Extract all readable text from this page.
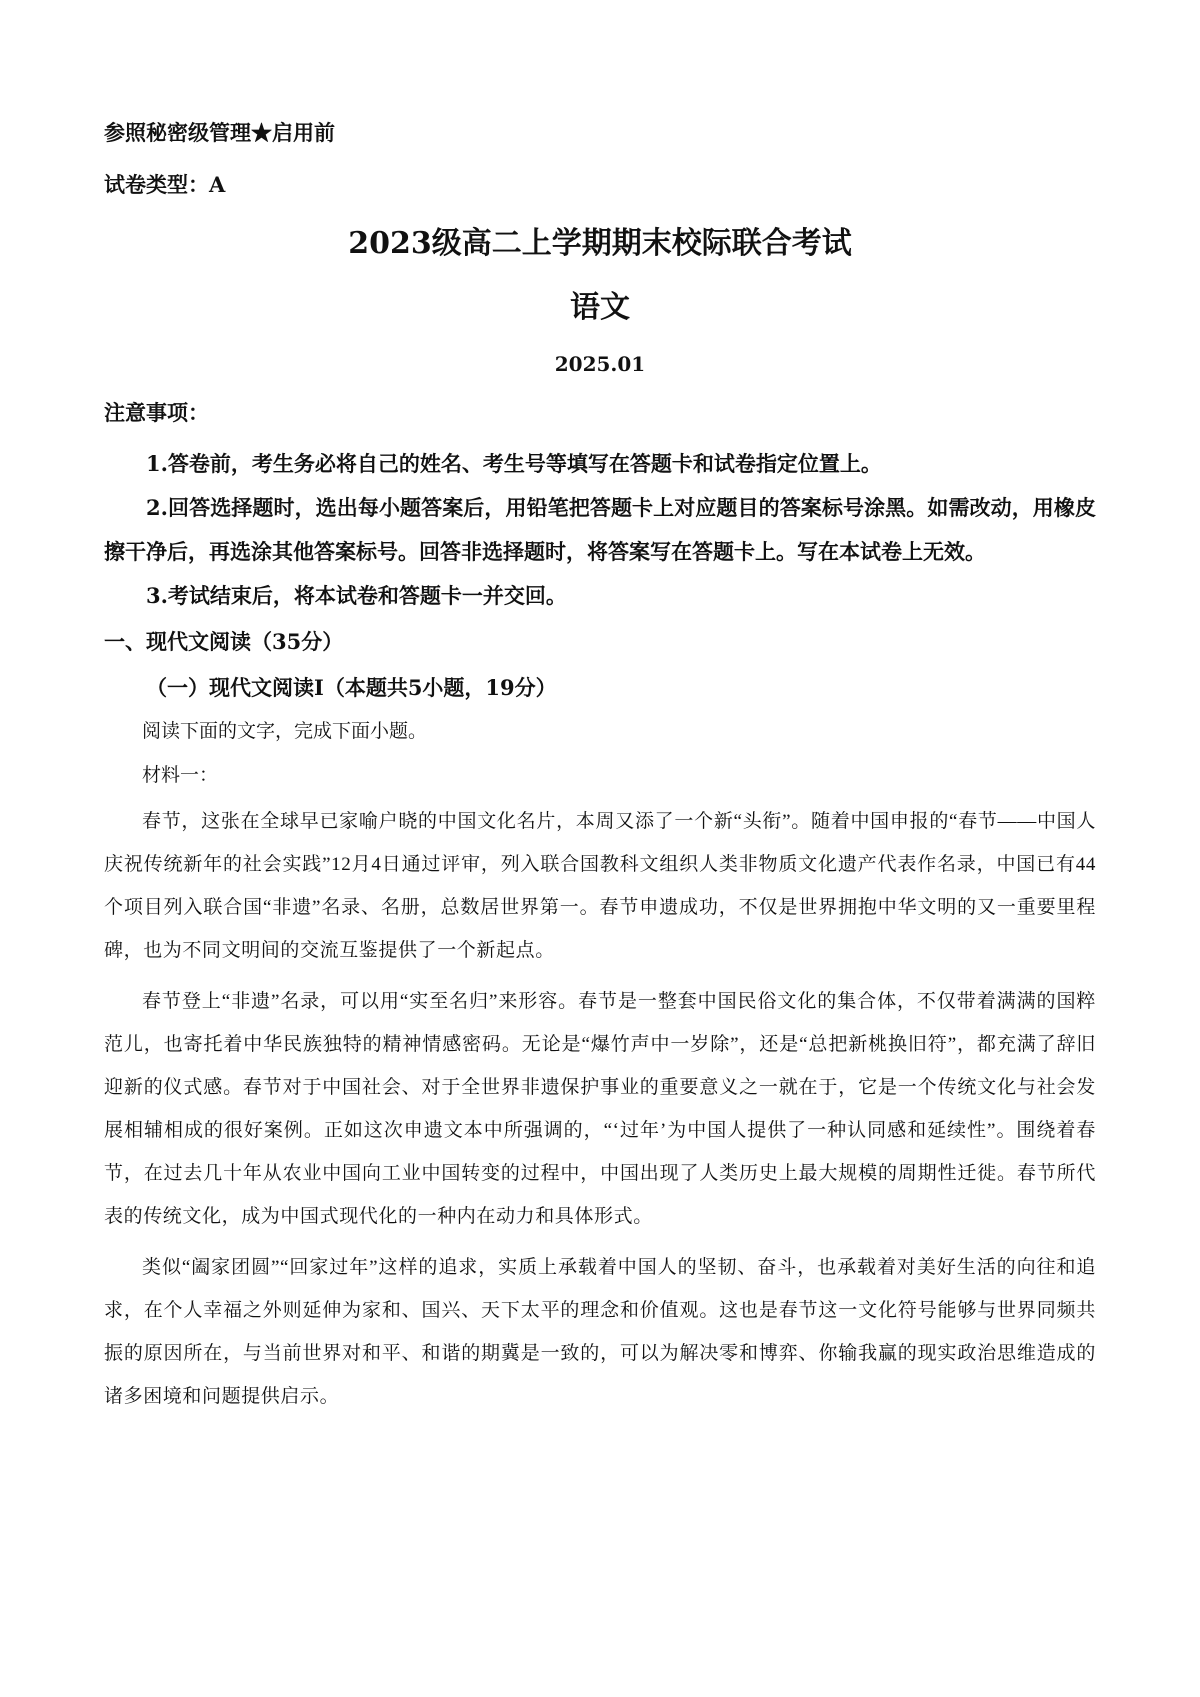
参照秘密级管理★启用前

试卷类型：A

2023级高二上学期期末校际联合考试
语文

2025.01

注意事项：

1.答卷前，考生务必将自己的姓名、考生号等填写在答题卡和试卷指定位置上。

2.回答选择题时，选出每小题答案后，用铅笔把答题卡上对应题目的答案标号涂黑。如需改动，用橡皮擦干净后，再选涂其他答案标号。回答非选择题时，将答案写在答题卡上。写在本试卷上无效。

3.考试结束后，将本试卷和答题卡一并交回。

一、现代文阅读（35分）

（一）现代文阅读Ⅰ（本题共5小题，19分）

阅读下面的文字，完成下面小题。

材料一：

春节，这张在全球早已家喻户晓的中国文化名片，本周又添了一个新“头衔”。随着中国申报的“春节——中国人庆祝传统新年的社会实践”12月4日通过评审，列入联合国教科文组织人类非物质文化遗产代表作名录，中国已有44个项目列入联合国“非遗”名录、名册，总数居世界第一。春节申遗成功，不仅是世界拥抱中华文明的又一重要里程碑，也为不同文明间的交流互鉴提供了一个新起点。

春节登上“非遗”名录，可以用“实至名归”来形容。春节是一整套中国民俗文化的集合体，不仅带着满满的国粹范儿，也寄托着中华民族独特的精神情感密码。无论是“爆竹声中一岁除”，还是“总把新桃换旧符”，都充满了辞旧迎新的仪式感。春节对于中国社会、对于全世界非遗保护事业的重要意义之一就在于，它是一个传统文化与社会发展相辅相成的很好案例。正如这次申遗文本中所强调的，“‘过年’为中国人提供了一种认同感和延续性”。围绕着春节，在过去几十年从农业中国向工业中国转变的过程中，中国出现了人类历史上最大规模的周期性迁徙。春节所代表的传统文化，成为中国式现代化的一种内在动力和具体形式。

类似“阖家团圆”“回家过年”这样的追求，实质上承载着中国人的坚韧、奋斗，也承载着对美好生活的向往和追求，在个人幸福之外则延伸为家和、国兴、天下太平的理念和价值观。这也是春节这一文化符号能够与世界同频共振的原因所在，与当前世界对和平、和谐的期冀是一致的，可以为解决零和博弈、你输我赢的现实政治思维造成的诸多困境和问题提供启示。
